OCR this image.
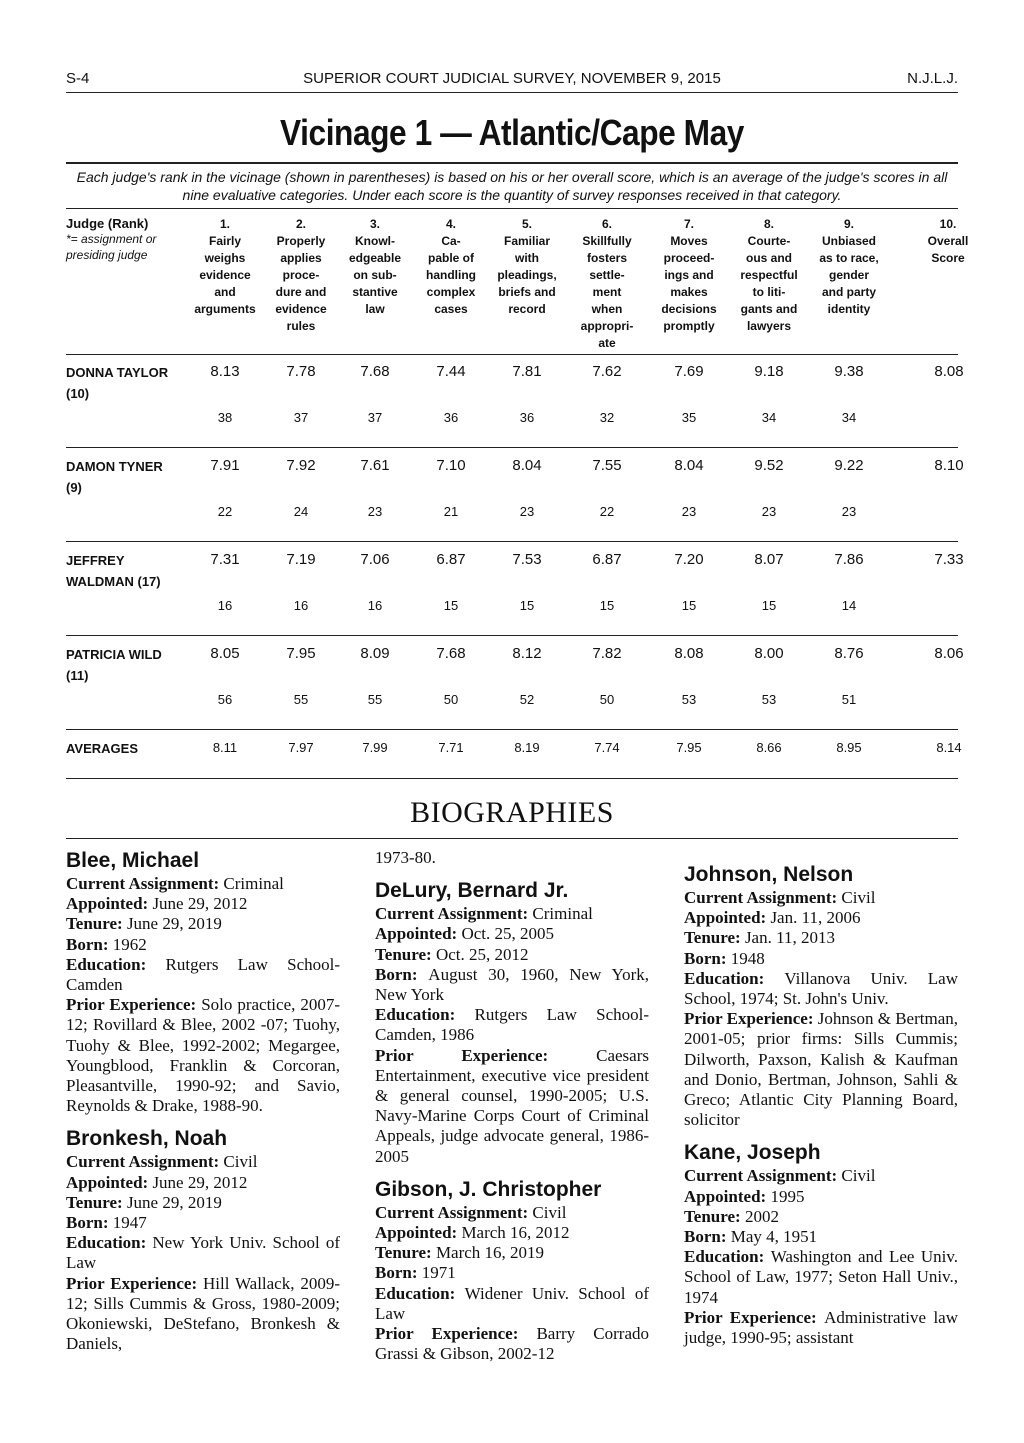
S-4	SUPERIOR COURT JUDICIAL SURVEY, NOVEMBER 9, 2015	N.J.L.J.
Vicinage 1 — Atlantic/Cape May
Each judge's rank in the vicinage (shown in parentheses) is based on his or her overall score, which is an average of the judge's scores in all nine evaluative categories. Under each score is the quantity of survey responses received in that category.
Judge (Rank)
*= assignment or presiding judge
1.
Fairly
weighs
evidence
and
arguments
2.
Properly
applies
proce-
dure and
evidence
rules
3.
Knowl-
edgeable
on sub-
stantive
law
4.
Ca-
pable of
handling
complex
cases
5.
Familiar
with
pleadings,
briefs and
record
6.
Skillfully
fosters
settle-
ment
when
appropri-
ate
7.
Moves
proceed-
ings and
makes
decisions
promptly
8.
Courte-
ous and
respectful
to liti-
gants and
lawyers
9.
Unbiased
as to race,
gender
and party
identity
10.
Overall
Score
DONNA TAYLOR
(10)
8.13	7.78	7.68	7.44	7.81	7.62	7.69	9.18	9.38	8.08
38	37	37	36	36	32	35	34	34
DAMON TYNER
(9)
7.91	7.92	7.61	7.10	8.04	7.55	8.04	9.52	9.22	8.10
22	24	23	21	23	22	23	23	23
JEFFREY
WALDMAN (17)
7.31	7.19	7.06	6.87	7.53	6.87	7.20	8.07	7.86	7.33
16	16	16	15	15	15	15	15	14
PATRICIA WILD
(11)
8.05	7.95	8.09	7.68	8.12	7.82	8.08	8.00	8.76	8.06
56	55	55	50	52	50	53	53	51
AVERAGES	8.11	7.97	7.99	7.71	8.19	7.74	7.95	8.66	8.95	8.14
BIOGRAPHIES
Blee, Michael

Current Assignment: Criminal

Appointed: June 29, 2012

Tenure: June 29, 2019

Born: 1962

Education: Rutgers Law School-Camden

Prior Experience: Solo practice, 2007-12; Rovillard & Blee, 2002 -07; Tuohy, Tuohy & Blee, 1992-2002; Megargee, Youngblood, Franklin & Corcoran, Pleasantville, 1990-92; and Savio, Reynolds & Drake, 1988-90.

Bronkesh, Noah

Current Assignment: Civil

Appointed: June 29, 2012

Tenure: June 29, 2019

Born: 1947

Education: New York Univ. School of Law

Prior Experience: Hill Wallack, 2009-12; Sills Cummis & Gross, 1980-2009; Okoniewski, DeStefano, Bronkesh & Daniels,

1973-80.

DeLury, Bernard Jr.

Current Assignment: Criminal

Appointed: Oct. 25, 2005

Tenure: Oct. 25, 2012

Born: August 30, 1960, New York, New York

Education: Rutgers Law School-Camden, 1986

Prior Experience: Caesars Entertainment, executive vice president & general counsel, 1990-2005; U.S. Navy-Marine Corps Court of Criminal Appeals, judge advocate general, 1986-2005

Gibson, J. Christopher

Current Assignment: Civil

Appointed: March 16, 2012

Tenure: March 16, 2019

Born: 1971

Education: Widener Univ. School of Law

Prior Experience: Barry Corrado Grassi & Gibson, 2002-12

Johnson, Nelson

Current Assignment: Civil

Appointed: Jan. 11, 2006

Tenure: Jan. 11, 2013

Born: 1948

Education: Villanova Univ. Law School, 1974; St. John's Univ.

Prior Experience: Johnson & Bertman, 2001-05; prior firms: Sills Cummis; Dilworth, Paxson, Kalish & Kaufman and Donio, Bertman, Johnson, Sahli & Greco; Atlantic City Planning Board, solicitor

Kane, Joseph

Current Assignment: Civil

Appointed: 1995

Tenure: 2002

Born: May 4, 1951

Education: Washington and Lee Univ. School of Law, 1977; Seton Hall Univ., 1974

Prior Experience: Administrative law judge, 1990-95; assistant
